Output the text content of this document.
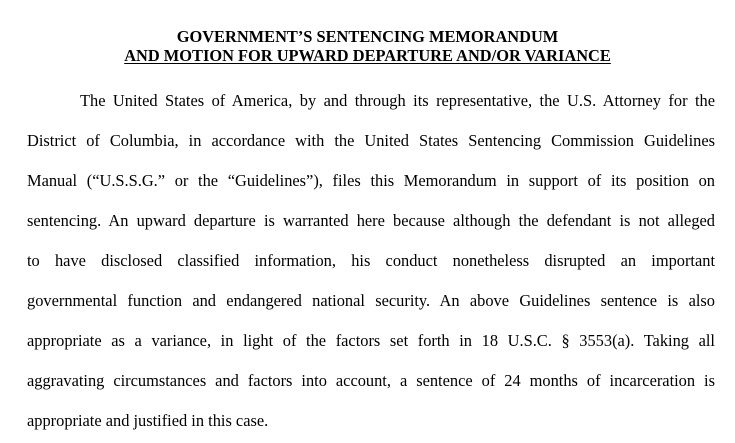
GOVERNMENT’S SENTENCING MEMORANDUM
AND MOTION FOR UPWARD DEPARTURE AND/OR VARIANCE
The United States of America, by and through its representative, the U.S. Attorney for the
District of Columbia, in accordance with the United States Sentencing Commission Guidelines
Manual (“U.S.S.G.” or the “Guidelines”), files this Memorandum in support of its position on
sentencing. An upward departure is warranted here because although the defendant is not alleged
to have disclosed classified information, his conduct nonetheless disrupted an important
governmental function and endangered national security. An above Guidelines sentence is also
appropriate as a variance, in light of the factors set forth in 18 U.S.C. § 3553(a). Taking all
aggravating circumstances and factors into account, a sentence of 24 months of incarceration is
appropriate and justified in this case.
